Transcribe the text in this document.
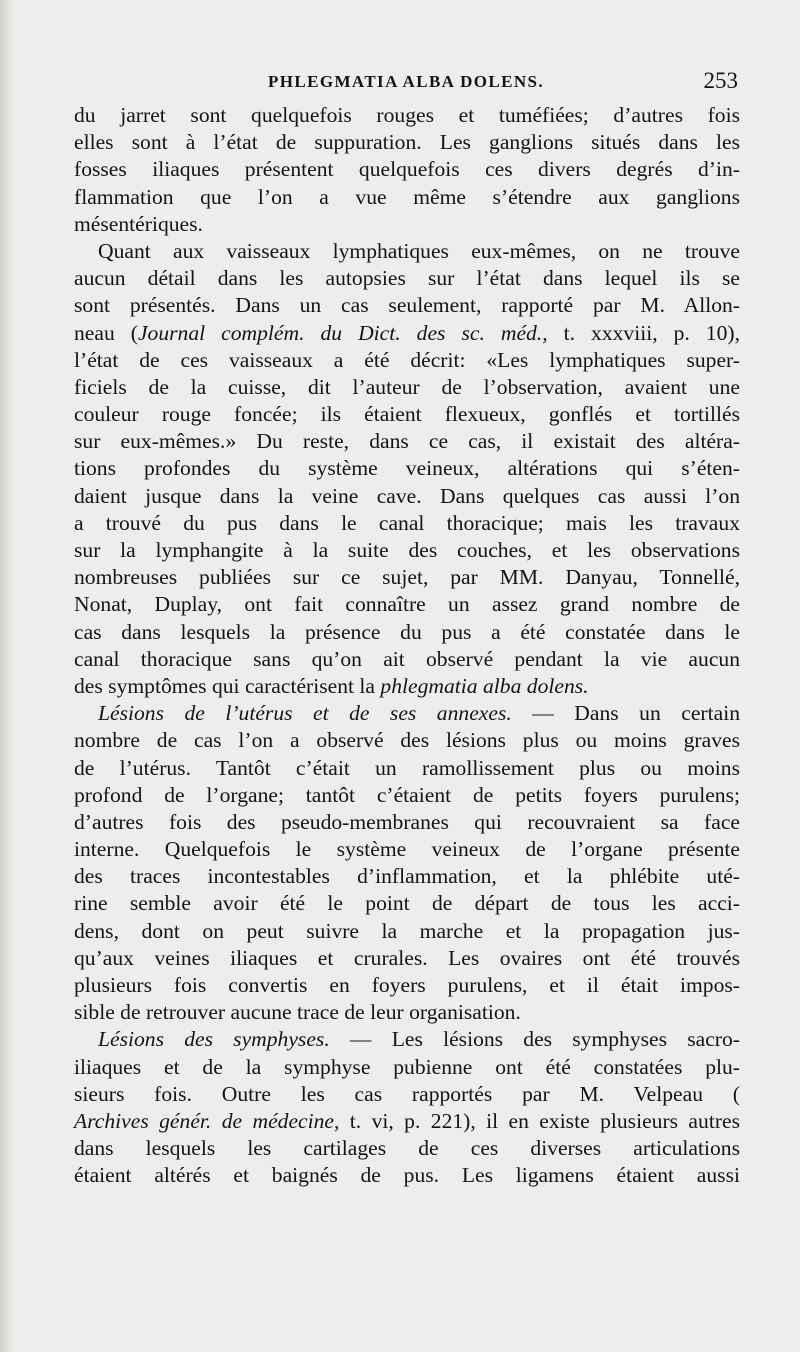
PHLEGMATIA ALBA DOLENS.	253
du jarret sont quelquefois rouges et tuméfiées; d’autres fois
elles sont à l’état de suppuration. Les ganglions situés dans les
fosses iliaques présentent quelquefois ces divers degrés d’in-
flammation que l’on a vue même s’étendre aux ganglions
mésentériques.
Quant aux vaisseaux lymphatiques eux-mêmes, on ne trouve
aucun détail dans les autopsies sur l’état dans lequel ils se
sont présentés. Dans un cas seulement, rapporté par M. Allon-
neau (Journal complém. du Dict. des sc. méd., t. xxxviii, p. 10),
l’état de ces vaisseaux a été décrit: «Les lymphatiques super-
ficiels de la cuisse, dit l’auteur de l’observation, avaient une
couleur rouge foncée; ils étaient flexueux, gonflés et tortillés
sur eux-mêmes.» Du reste, dans ce cas, il existait des altéra-
tions profondes du système veineux, altérations qui s’éten-
daient jusque dans la veine cave. Dans quelques cas aussi l’on
a trouvé du pus dans le canal thoracique; mais les travaux
sur la lymphangite à la suite des couches, et les observations
nombreuses publiées sur ce sujet, par MM. Danyau, Tonnellé,
Nonat, Duplay, ont fait connaître un assez grand nombre de
cas dans lesquels la présence du pus a été constatée dans le
canal thoracique sans qu’on ait observé pendant la vie aucun
des symptômes qui caractérisent la phlegmatia alba dolens.
Lésions de l’utérus et de ses annexes. — Dans un certain
nombre de cas l’on a observé des lésions plus ou moins graves
de l’utérus. Tantôt c’était un ramollissement plus ou moins
profond de l’organe; tantôt c’étaient de petits foyers purulens;
d’autres fois des pseudo-membranes qui recouvraient sa face
interne. Quelquefois le système veineux de l’organe présente
des traces incontestables d’inflammation, et la phlébite uté-
rine semble avoir été le point de départ de tous les acci-
dens, dont on peut suivre la marche et la propagation jus-
qu’aux veines iliaques et crurales. Les ovaires ont été trouvés
plusieurs fois convertis en foyers purulens, et il était impos-
sible de retrouver aucune trace de leur organisation.
Lésions des symphyses. — Les lésions des symphyses sacro-
iliaques et de la symphyse pubienne ont été constatées plu-
sieurs fois. Outre les cas rapportés par M. Velpeau (
Archives génér. de médecine, t. vi, p. 221), il en existe plusieurs autres
dans lesquels les cartilages de ces diverses articulations
étaient altérés et baignés de pus. Les ligamens étaient aussi
